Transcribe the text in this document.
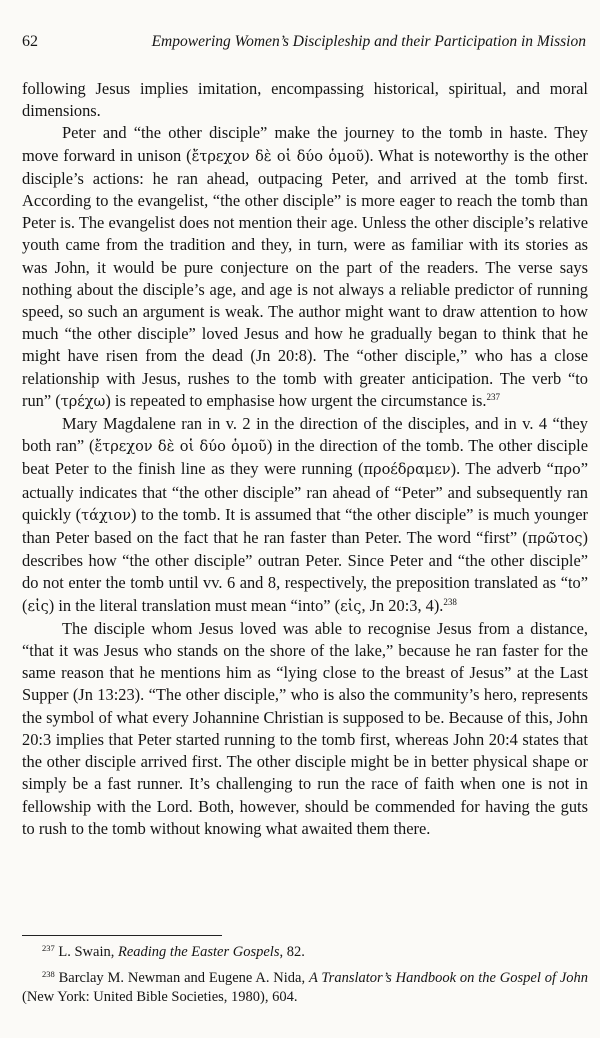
62	Empowering Women’s Discipleship and their Participation in Mission

following Jesus implies imitation, encompassing historical, spiritual, and moral dimensions.

Peter and “the other disciple” make the journey to the tomb in haste. They move forward in unison (ἔτρεχον δὲ οἱ δύο ὁμοῦ). What is noteworthy is the other disciple’s actions: he ran ahead, outpacing Peter, and arrived at the tomb first. According to the evangelist, “the other disciple” is more eager to reach the tomb than Peter is. The evangelist does not mention their age. Unless the other disciple’s relative youth came from the tradition and they, in turn, were as familiar with its stories as was John, it would be pure conjecture on the part of the readers. The verse says nothing about the disciple’s age, and age is not always a reliable predictor of running speed, so such an argument is weak. The author might want to draw attention to how much “the other disciple” loved Jesus and how he gradually began to think that he might have risen from the dead (Jn 20:8). The “other disciple,” who has a close relationship with Jesus, rushes to the tomb with greater anticipation. The verb “to run” (τρέχω) is repeated to emphasise how urgent the circumstance is.$^{237}$

Mary Magdalene ran in v. 2 in the direction of the disciples, and in v. 4 “they both ran” (ἔτρεχον δὲ οἱ δύο ὁμοῦ) in the direction of the tomb. The other disciple beat Peter to the finish line as they were running (προέδραμεν). The adverb “προ” actually indicates that “the other disciple” ran ahead of “Peter” and subsequently ran quickly (τάχιον) to the tomb. It is assumed that “the other disciple” is much younger than Peter based on the fact that he ran faster than Peter. The word “first” (πρῶτος) describes how “the other disciple” outran Peter. Since Peter and “the other disciple” do not enter the tomb until vv. 6 and 8, respectively, the preposition translated as “to” (εἰς) in the literal translation must mean “into” (εἰς, Jn 20:3, 4).$^{238}$

The disciple whom Jesus loved was able to recognise Jesus from a distance, “that it was Jesus who stands on the shore of the lake,” because he ran faster for the same reason that he mentions him as “lying close to the breast of Jesus” at the Last Supper (Jn 13:23). “The other disciple,” who is also the community’s hero, represents the symbol of what every Johannine Christian is supposed to be. Because of this, John 20:3 implies that Peter started running to the tomb first, whereas John 20:4 states that the other disciple arrived first. The other disciple might be in better physical shape or simply be a fast runner. It’s challenging to run the race of faith when one is not in fellowship with the Lord. Both, however, should be commended for having the guts to rush to the tomb without knowing what awaited them there.

$^{237}$ L. Swain, Reading the Easter Gospels, 82.

$^{238}$ Barclay M. Newman and Eugene A. Nida, A Translator’s Handbook on the Gospel of John (New York: United Bible Societies, 1980), 604.
